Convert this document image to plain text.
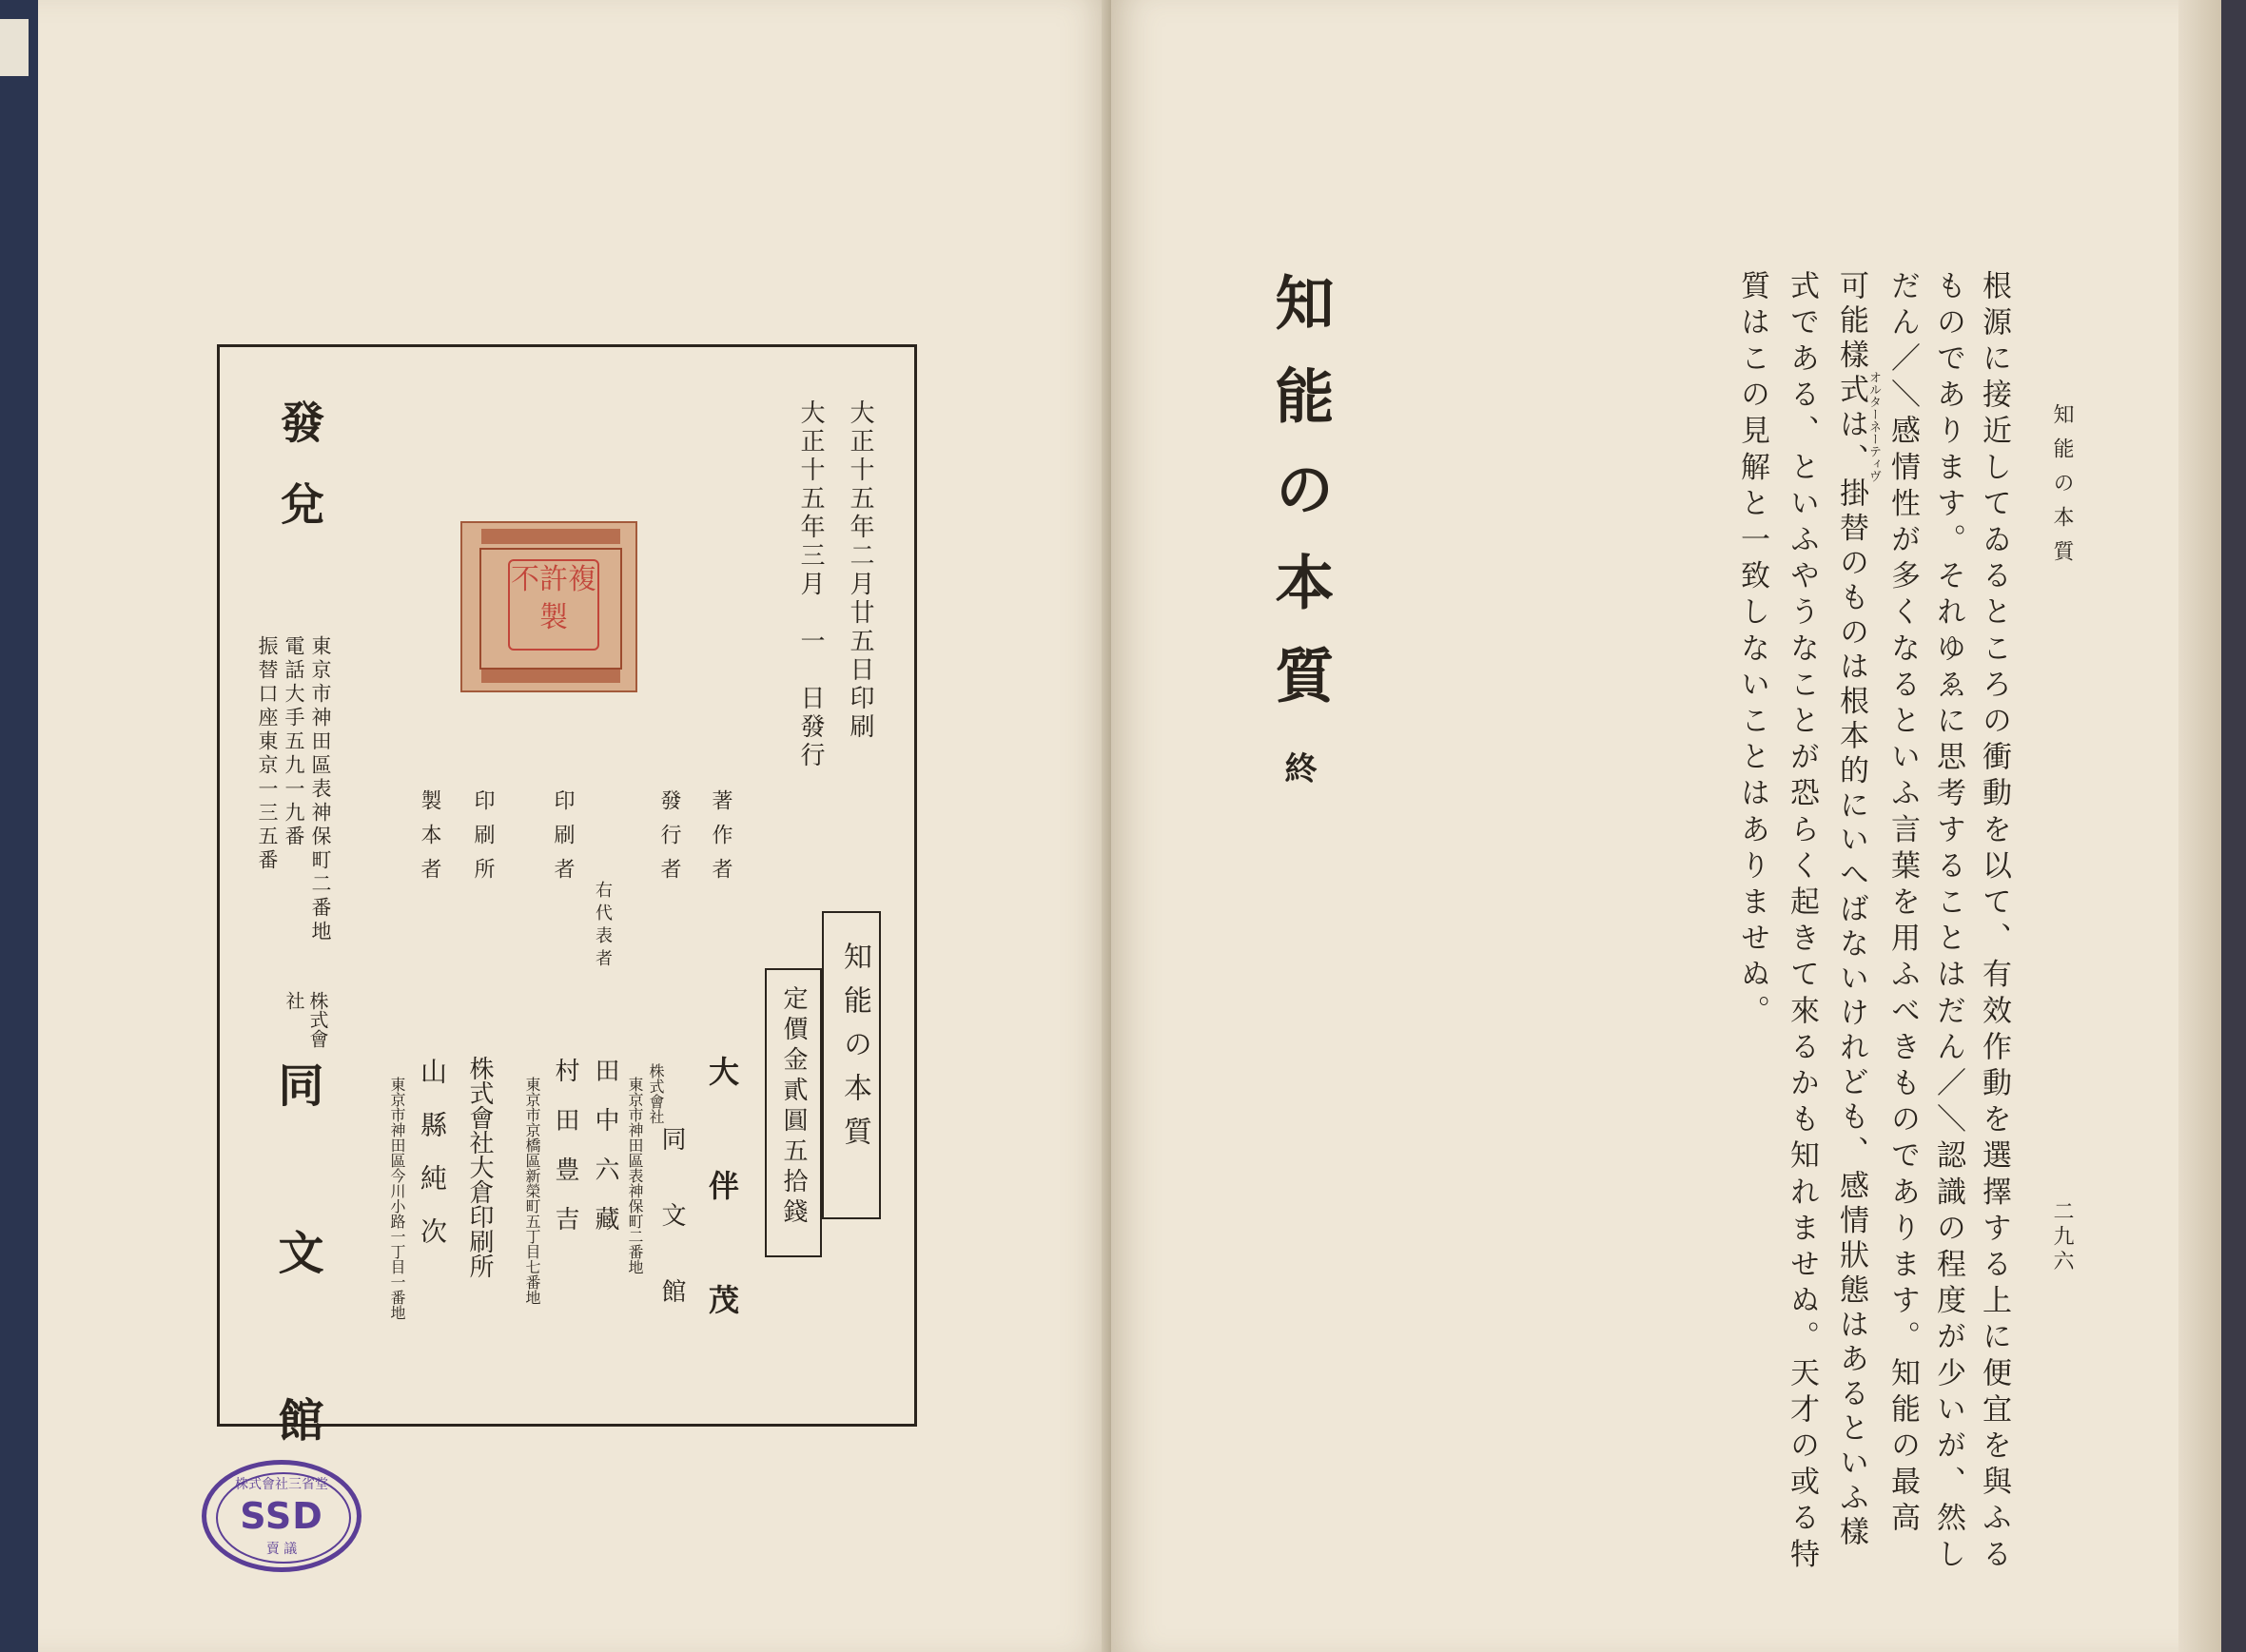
發兌
東京市神田區表神保町二番地
電話大手五九一九番
振替口座東京一三五番
株式會社
同　文　館
製本者
山　縣　純　次
東京市神田區今川小路一丁目一番地
印刷所
株式會社大倉印刷所
印刷者
村　田　豊　吉
東京市京橋區新榮町五丁目七番地
右代表者
田　中　六　藏
發行者
株式會社
同　文　館
東京市神田區表神保町二番地
著作者
大　伴　茂
不許複製	大正十五年三月　一　日發行 大正十五年二月廿五日印刷
知能の本質
定價金貳圓五拾錢
株式會社三省堂
SSD
賣 議
知能の本質
終	根源に接近してゐるところの衝動を以て、有效作動を選擇する上に便宜を與ふる
ものであります。それゆゑに思考することはだん／＼認識の程度が少いが、然し
だん／＼感情性が多くなるといふ言葉を用ふべきものであります。知能の最高
オルターネーティヴ
可能樣式は、掛替のものは根本的にいへばないけれども、感情狀態はあるといふ樣
式である、といふやうなことが恐らく起きて來るかも知れませぬ。天才の或る特
質はこの見解と一致しないことはありませぬ。	知能の本質
二九六
